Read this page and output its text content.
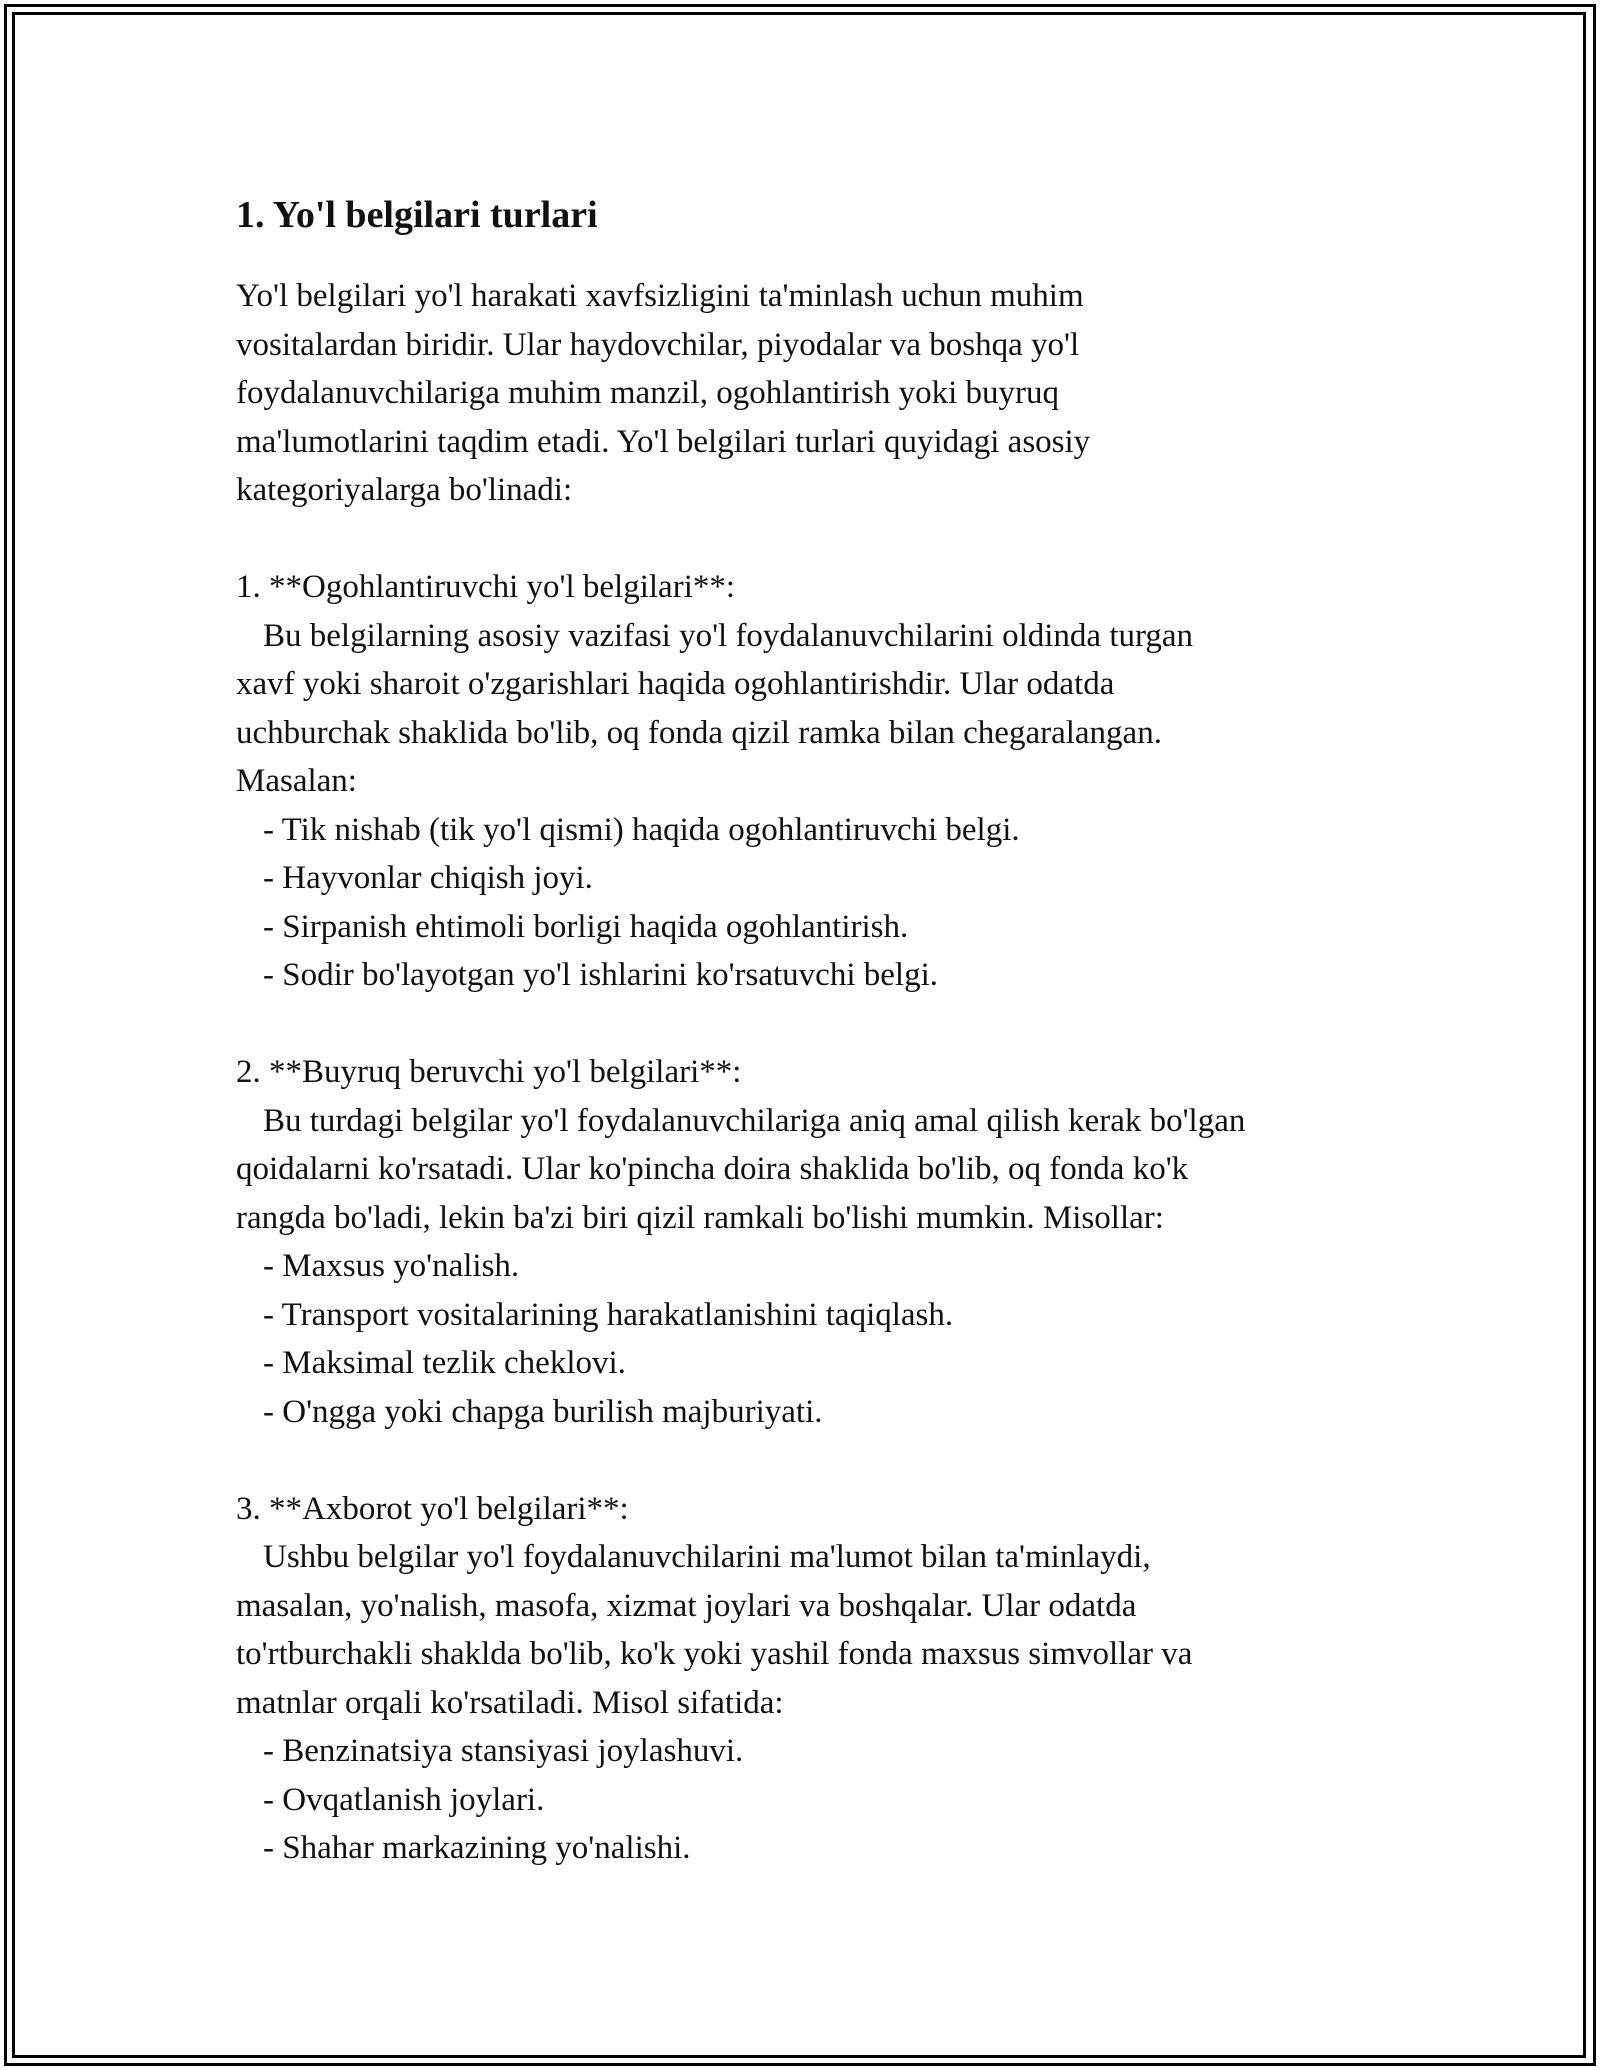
1. Yo'l belgilari turlari
Yo'l belgilari yo'l harakati xavfsizligini ta'minlash uchun muhim
vositalardan biridir. Ular haydovchilar, piyodalar va boshqa yo'l
foydalanuvchilariga muhim manzil, ogohlantirish yoki buyruq
ma'lumotlarini taqdim etadi. Yo'l belgilari turlari quyidagi asosiy
kategoriyalarga bo'linadi:
1. **Ogohlantiruvchi yo'l belgilari**:
Bu belgilarning asosiy vazifasi yo'l foydalanuvchilarini oldinda turgan
xavf yoki sharoit o'zgarishlari haqida ogohlantirishdir. Ular odatda
uchburchak shaklida bo'lib, oq fonda qizil ramka bilan chegaralangan.
Masalan:
- Tik nishab (tik yo'l qismi) haqida ogohlantiruvchi belgi.
- Hayvonlar chiqish joyi.
- Sirpanish ehtimoli borligi haqida ogohlantirish.
- Sodir bo'layotgan yo'l ishlarini ko'rsatuvchi belgi.
2. **Buyruq beruvchi yo'l belgilari**:
Bu turdagi belgilar yo'l foydalanuvchilariga aniq amal qilish kerak bo'lgan
qoidalarni ko'rsatadi. Ular ko'pincha doira shaklida bo'lib, oq fonda ko'k
rangda bo'ladi, lekin ba'zi biri qizil ramkali bo'lishi mumkin. Misollar:
- Maxsus yo'nalish.
- Transport vositalarining harakatlanishini taqiqlash.
- Maksimal tezlik cheklovi.
- O'ngga yoki chapga burilish majburiyati.
3. **Axborot yo'l belgilari**:
Ushbu belgilar yo'l foydalanuvchilarini ma'lumot bilan ta'minlaydi,
masalan, yo'nalish, masofa, xizmat joylari va boshqalar. Ular odatda
to'rtburchakli shakldа bo'lib, ko'k yoki yashil fonda maxsus simvollar va
matnlar orqali ko'rsatiladi. Misol sifatida:
- Benzinatsiya stansiyasi joylashuvi.
- Ovqatlanish joylari.
- Shahar markazining yo'nalishi.
